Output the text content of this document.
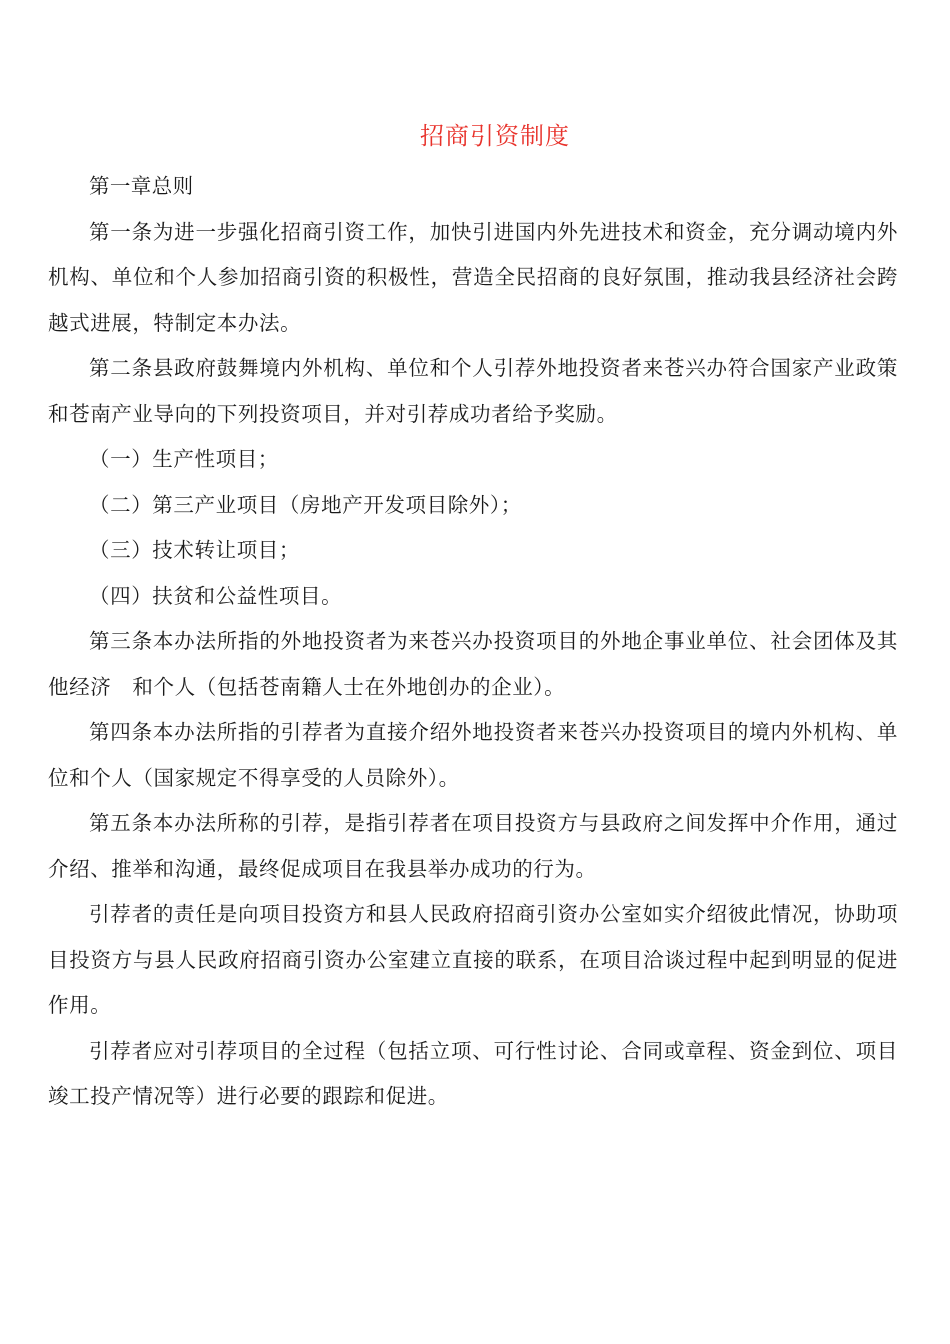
招商引资制度

第一章总则

第一条为进一步强化招商引资工作，加快引进国内外先进技术和资金，充分调动境内外机构、单位和个人参加招商引资的积极性，营造全民招商的良好氛围，推动我县经济社会跨越式进展，特制定本办法。

第二条县政府鼓舞境内外机构、单位和个人引荐外地投资者来苍兴办符合国家产业政策和苍南产业导向的下列投资项目，并对引荐成功者给予奖励。

（一）生产性项目；

（二）第三产业项目（房地产开发项目除外）；

（三）技术转让项目；

（四）扶贫和公益性项目。

第三条本办法所指的外地投资者为来苍兴办投资项目的外地企事业单位、社会团体及其他经济　和个人（包括苍南籍人士在外地创办的企业）。

第四条本办法所指的引荐者为直接介绍外地投资者来苍兴办投资项目的境内外机构、单位和个人（国家规定不得享受的人员除外）。

第五条本办法所称的引荐，是指引荐者在项目投资方与县政府之间发挥中介作用，通过介绍、推举和沟通，最终促成项目在我县举办成功的行为。

引荐者的责任是向项目投资方和县人民政府招商引资办公室如实介绍彼此情况，协助项目投资方与县人民政府招商引资办公室建立直接的联系，在项目洽谈过程中起到明显的促进作用。

引荐者应对引荐项目的全过程（包括立项、可行性讨论、合同或章程、资金到位、项目竣工投产情况等）进行必要的跟踪和促进。
